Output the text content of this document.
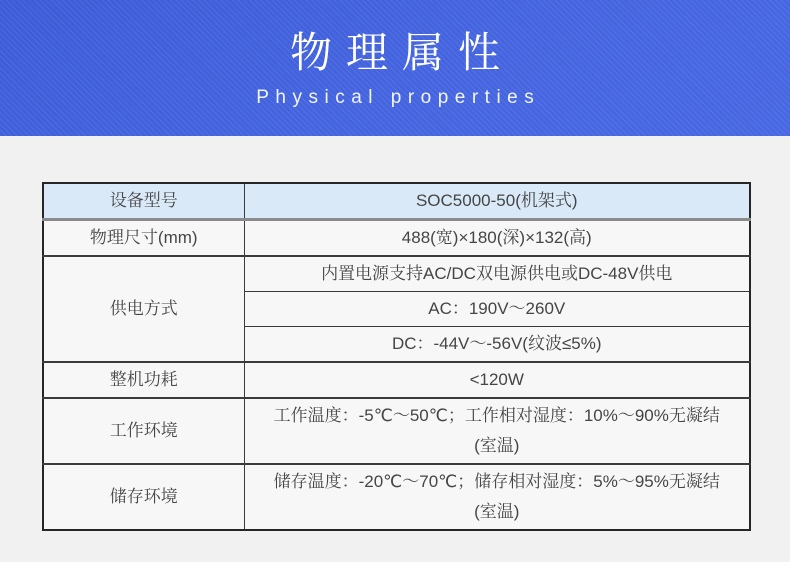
物理属性
Physical properties
设备型号	SOC5000-50(机架式)
物理尺寸(mm)	488(宽)×180(深)×132(高)
供电方式	内置电源支持AC/DC双电源供电或DC-48V供电
	AC：190V～260V
	DC：-44V～-56V(纹波≤5%)
整机功耗	<120W
工作环境	工作温度：-5℃～50℃；工作相对湿度：10%～90%无凝结
(室温)
储存环境	储存温度：-20℃～70℃；储存相对湿度：5%～95%无凝结
(室温)
